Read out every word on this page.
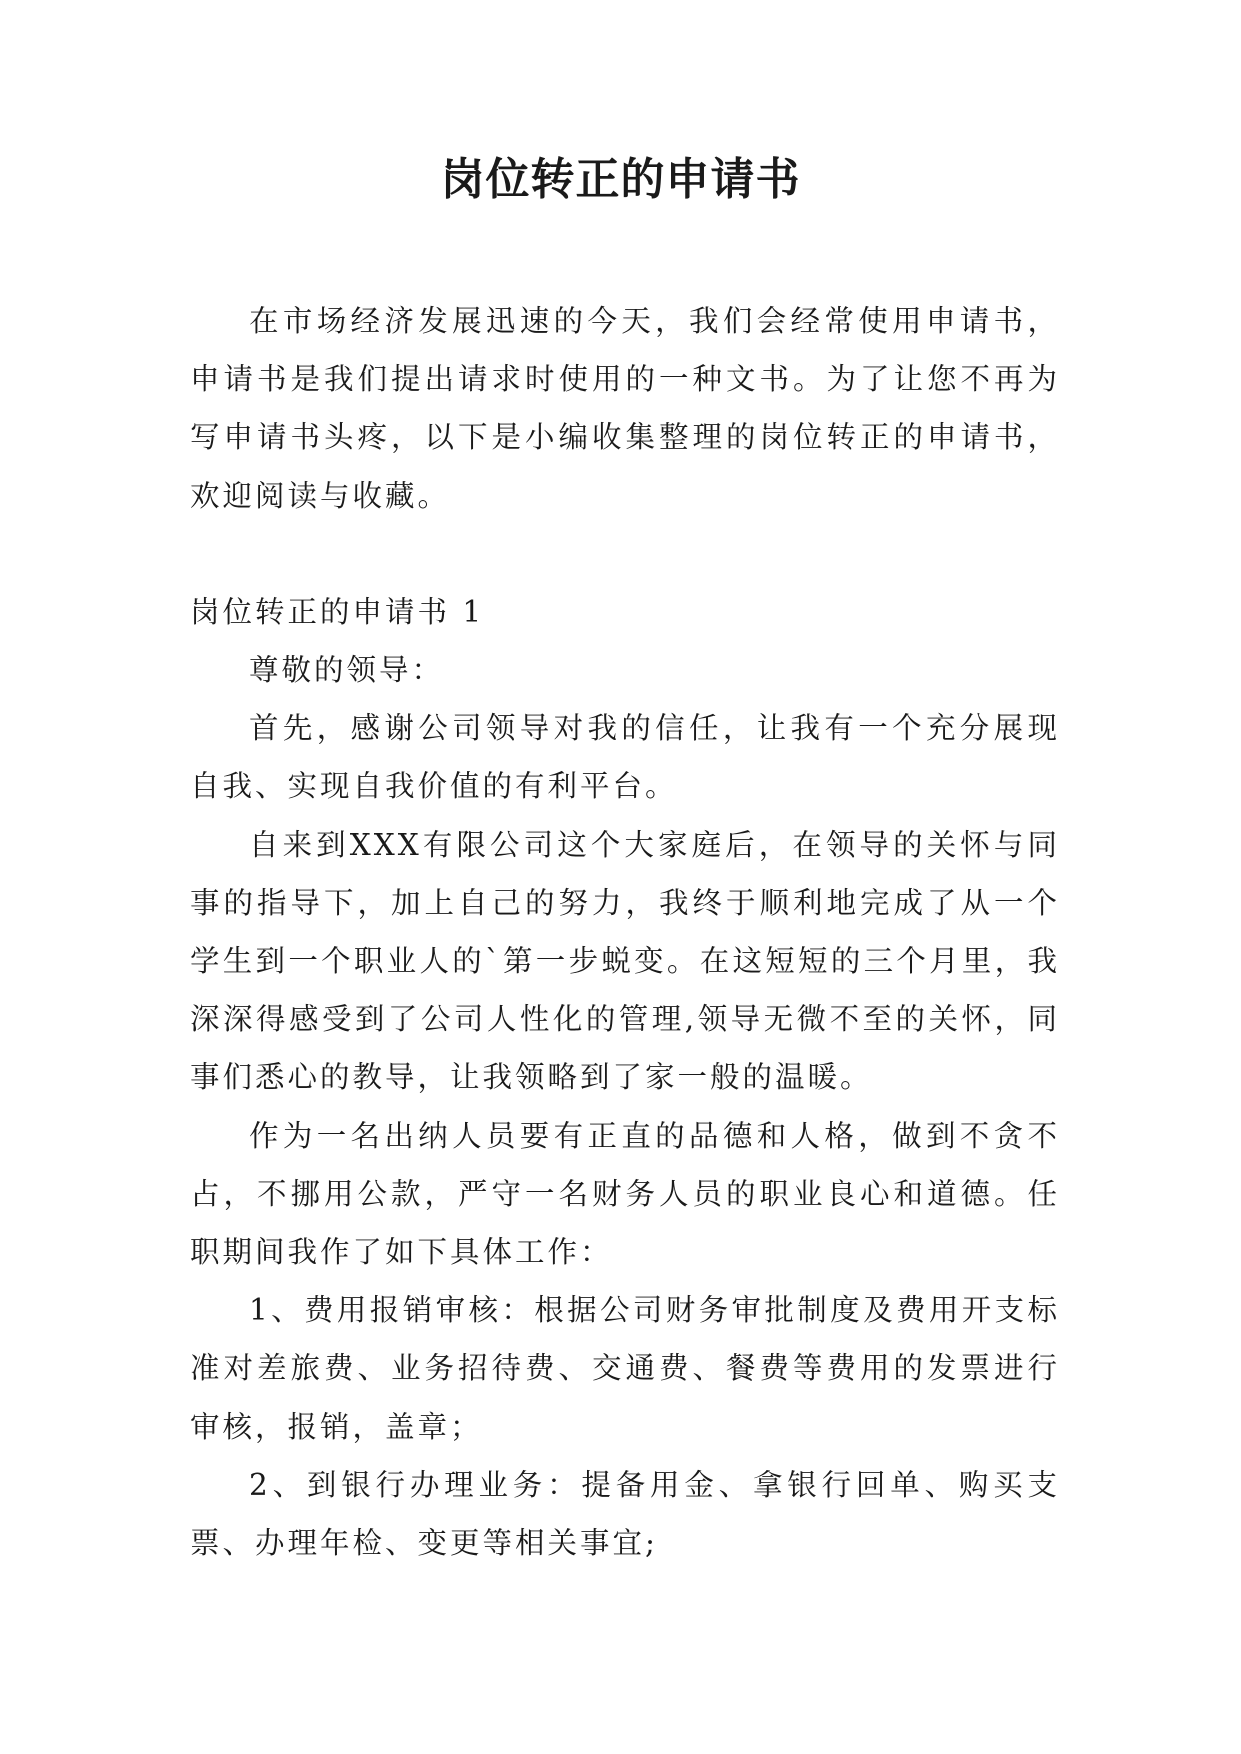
岗位转正的申请书

在市场经济发展迅速的今天，我们会经常使用申请书，申请书是我们提出请求时使用的一种文书。为了让您不再为写申请书头疼，以下是小编收集整理的岗位转正的申请书，欢迎阅读与收藏。

岗位转正的申请书 1

尊敬的领导：

首先，感谢公司领导对我的信任，让我有一个充分展现自我、实现自我价值的有利平台。

自来到XXX有限公司这个大家庭后，在领导的关怀与同事的指导下，加上自己的努力，我终于顺利地完成了从一个学生到一个职业人的`第一步蜕变。在这短短的三个月里，我深深得感受到了公司人性化的管理,领导无微不至的关怀，同事们悉心的教导，让我领略到了家一般的温暖。

作为一名出纳人员要有正直的品德和人格，做到不贪不占，不挪用公款，严守一名财务人员的职业良心和道德。任职期间我作了如下具体工作：

1、费用报销审核：根据公司财务审批制度及费用开支标准对差旅费、业务招待费、交通费、餐费等费用的发票进行审核，报销，盖章；

2、到银行办理业务：提备用金、拿银行回单、购买支票、办理年检、变更等相关事宜;
